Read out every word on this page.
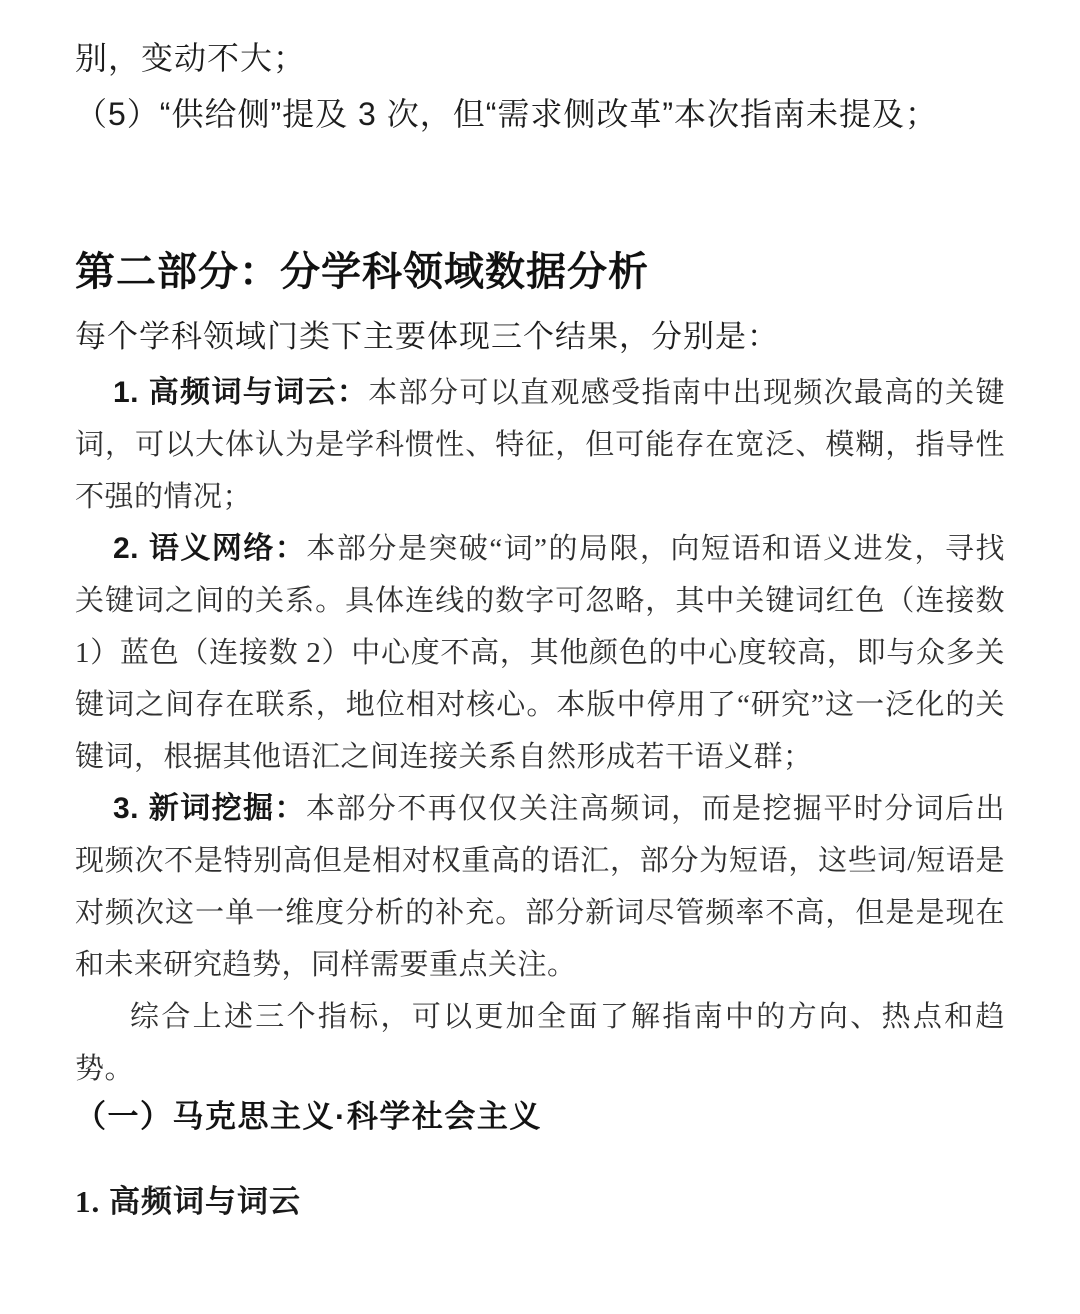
别，变动不大；
（5）“供给侧”提及 3 次，但“需求侧改革”本次指南未提及；
第二部分：分学科领域数据分析
每个学科领域门类下主要体现三个结果，分别是：

1. 高频词与词云：本部分可以直观感受指南中出现频次最高的关键词，可以大体认为是学科惯性、特征，但可能存在宽泛、模糊，指导性不强的情况；

2. 语义网络：本部分是突破“词”的局限，向短语和语义进发，寻找关键词之间的关系。具体连线的数字可忽略，其中关键词红色（连接数 1）蓝色（连接数 2）中心度不高，其他颜色的中心度较高，即与众多关键词之间存在联系，地位相对核心。本版中停用了“研究”这一泛化的关键词，根据其他语汇之间连接关系自然形成若干语义群；

3. 新词挖掘：本部分不再仅仅关注高频词，而是挖掘平时分词后出现频次不是特别高但是相对权重高的语汇，部分为短语，这些词/短语是对频次这一单一维度分析的补充。部分新词尽管频率不高，但是是现在和未来研究趋势，同样需要重点关注。

综合上述三个指标，可以更加全面了解指南中的方向、热点和趋势。

（一）马克思主义·科学社会主义
1. 高频词与词云
